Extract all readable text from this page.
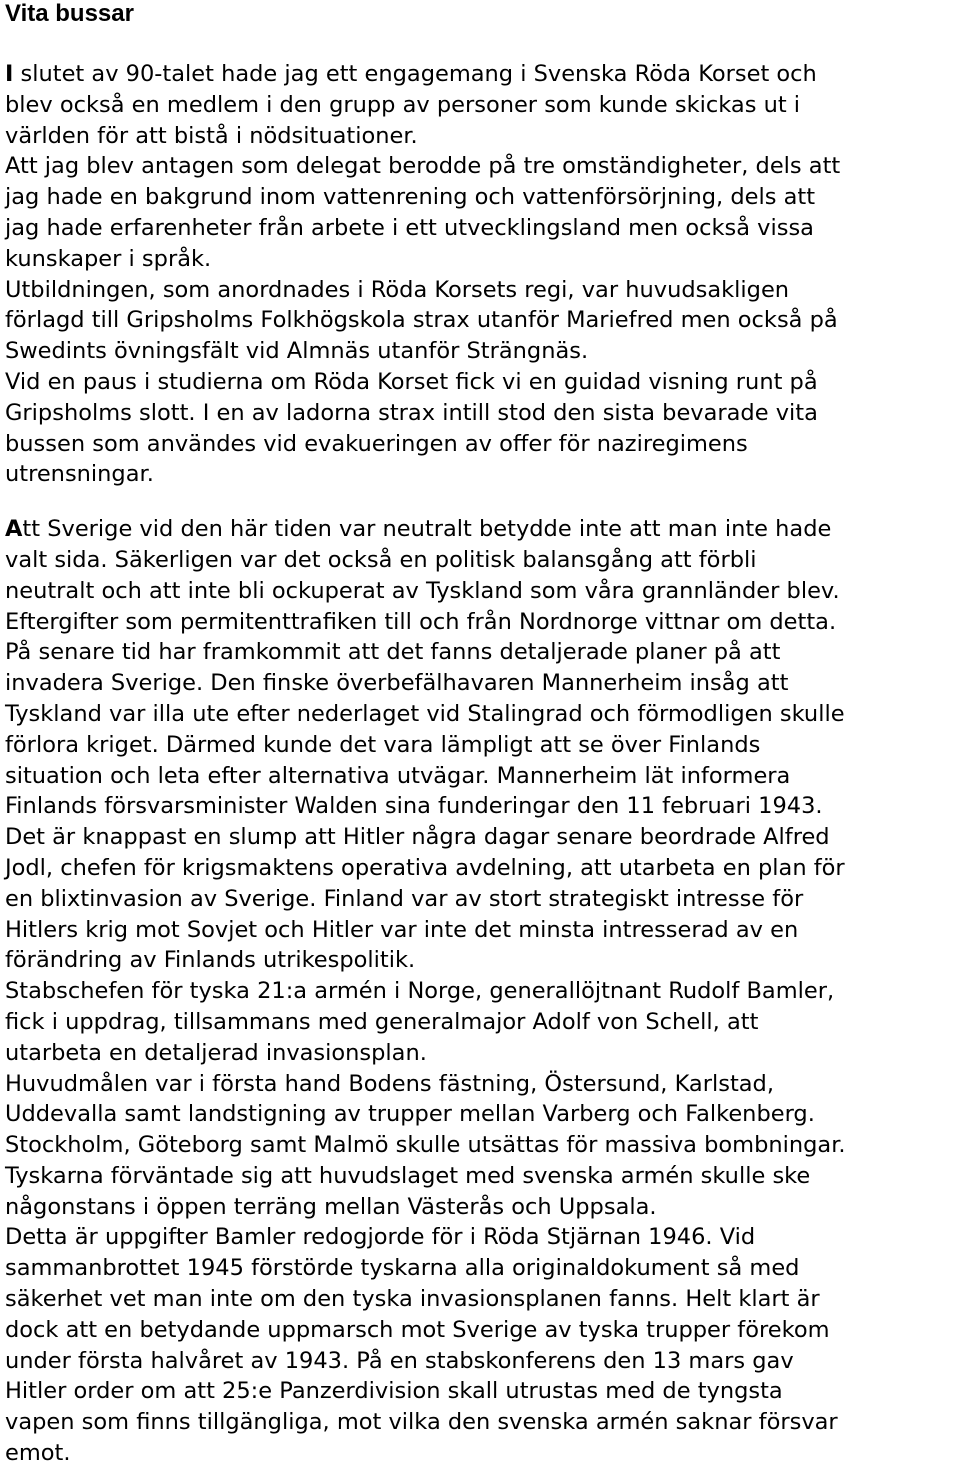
Vita bussar

I slutet av 90-talet hade jag ett engagemang i Svenska Röda Korset och
blev också en medlem i den grupp av personer som kunde skickas ut i
världen för att bistå i nödsituationer.
Att jag blev antagen som delegat berodde på tre omständigheter, dels att
jag hade en bakgrund inom vattenrening och vattenförsörjning, dels att
jag hade erfarenheter från arbete i ett utvecklingsland men också vissa
kunskaper i språk.
Utbildningen, som anordnades i Röda Korsets regi, var huvudsakligen
förlagd till Gripsholms Folkhögskola strax utanför Mariefred men också på
Swedints övningsfält vid Almnäs utanför Strängnäs.
Vid en paus i studierna om Röda Korset fick vi en guidad visning runt på
Gripsholms slott. I en av ladorna strax intill stod den sista bevarade vita
bussen som användes vid evakueringen av offer för naziregimens
utrensningar.

Att Sverige vid den här tiden var neutralt betydde inte att man inte hade
valt sida. Säkerligen var det också en politisk balansgång att förbli
neutralt och att inte bli ockuperat av Tyskland som våra grannländer blev.
Eftergifter som permitenttrafiken till och från Nordnorge vittnar om detta.
På senare tid har framkommit att det fanns detaljerade planer på att
invadera Sverige. Den finske överbefälhavaren Mannerheim insåg att
Tyskland var illa ute efter nederlaget vid Stalingrad och förmodligen skulle
förlora kriget. Därmed kunde det vara lämpligt att se över Finlands
situation och leta efter alternativa utvägar. Mannerheim lät informera
Finlands försvarsminister Walden sina funderingar den 11 februari 1943.
Det är knappast en slump att Hitler några dagar senare beordrade Alfred
Jodl, chefen för krigsmaktens operativa avdelning, att utarbeta en plan för
en blixtinvasion av Sverige. Finland var av stort strategiskt intresse för
Hitlers krig mot Sovjet och Hitler var inte det minsta intresserad av en
förändring av Finlands utrikespolitik.
Stabschefen för tyska 21:a armén i Norge, generallöjtnant Rudolf Bamler,
fick i uppdrag, tillsammans med generalmajor Adolf von Schell, att
utarbeta en detaljerad invasionsplan.
Huvudmålen var i första hand Bodens fästning, Östersund, Karlstad,
Uddevalla samt landstigning av trupper mellan Varberg och Falkenberg.
Stockholm, Göteborg samt Malmö skulle utsättas för massiva bombningar.
Tyskarna förväntade sig att huvudslaget med svenska armén skulle ske
någonstans i öppen terräng mellan Västerås och Uppsala.
Detta är uppgifter Bamler redogjorde för i Röda Stjärnan 1946. Vid
sammanbrottet 1945 förstörde tyskarna alla originaldokument så med
säkerhet vet man inte om den tyska invasionsplanen fanns. Helt klart är
dock att en betydande uppmarsch mot Sverige av tyska trupper förekom
under första halvåret av 1943. På en stabskonferens den 13 mars gav
Hitler order om att 25:e Panzerdivision skall utrustas med de tyngsta
vapen som finns tillgängliga, mot vilka den svenska armén saknar försvar
emot.
